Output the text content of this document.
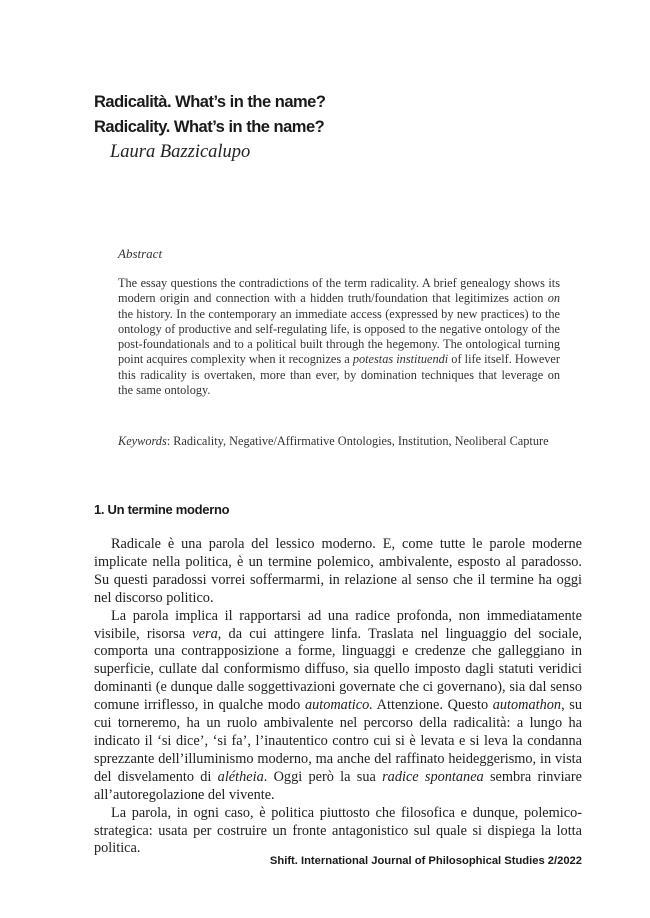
Radicalità. What’s in the name?
Radicality. What’s in the name?

Laura Bazzicalupo

Abstract

The essay questions the contradictions of the term radicality. A brief genealogy shows its modern origin and connection with a hidden truth/foundation that legitimizes action on the history. In the contemporary an immediate access (expressed by new practices) to the ontology of productive and self-regulating life, is opposed to the negative ontology of the post-foundationals and to a political built through the hegemony. The ontological turning point acquires complexity when it recognizes a potestas instituendi of life itself. However this radicality is overtaken, more than ever, by domination techniques that leverage on the same ontology.

Keywords: Radicality, Negative/Affirmative Ontologies, Institution, Neoliberal Capture

1. Un termine moderno

Radicale è una parola del lessico moderno. E, come tutte le parole moderne implicate nella politica, è un termine polemico, ambivalente, esposto al paradosso. Su questi paradossi vorrei soffermarmi, in relazione al senso che il termine ha oggi nel discorso politico.

La parola implica il rapportarsi ad una radice profonda, non immediatamente visibile, risorsa vera, da cui attingere linfa. Traslata nel linguaggio del sociale, comporta una contrapposizione a forme, linguaggi e credenze che galleggiano in superficie, cullate dal conformismo diffuso, sia quello imposto dagli statuti veridici dominanti (e dunque dalle soggettivazioni governate che ci governano), sia dal senso comune irriflesso, in qualche modo automatico. Attenzione. Questo automathon, su cui torneremo, ha un ruolo ambivalente nel percorso della radicalità: a lungo ha indicato il ‘si dice’, ‘si fa’, l’inautentico contro cui si è levata e si leva la condanna sprezzante dell’illuminismo moderno, ma anche del raffinato heideggerismo, in vista del disvelamento di alétheia. Oggi però la sua radice spontanea sembra rinviare all’autoregolazione del vivente.

La parola, in ogni caso, è politica piuttosto che filosofica e dunque, polemico-strategica: usata per costruire un fronte antagonistico sul quale si dispiega la lotta politica.

Shift. International Journal of Philosophical Studies 2/2022
